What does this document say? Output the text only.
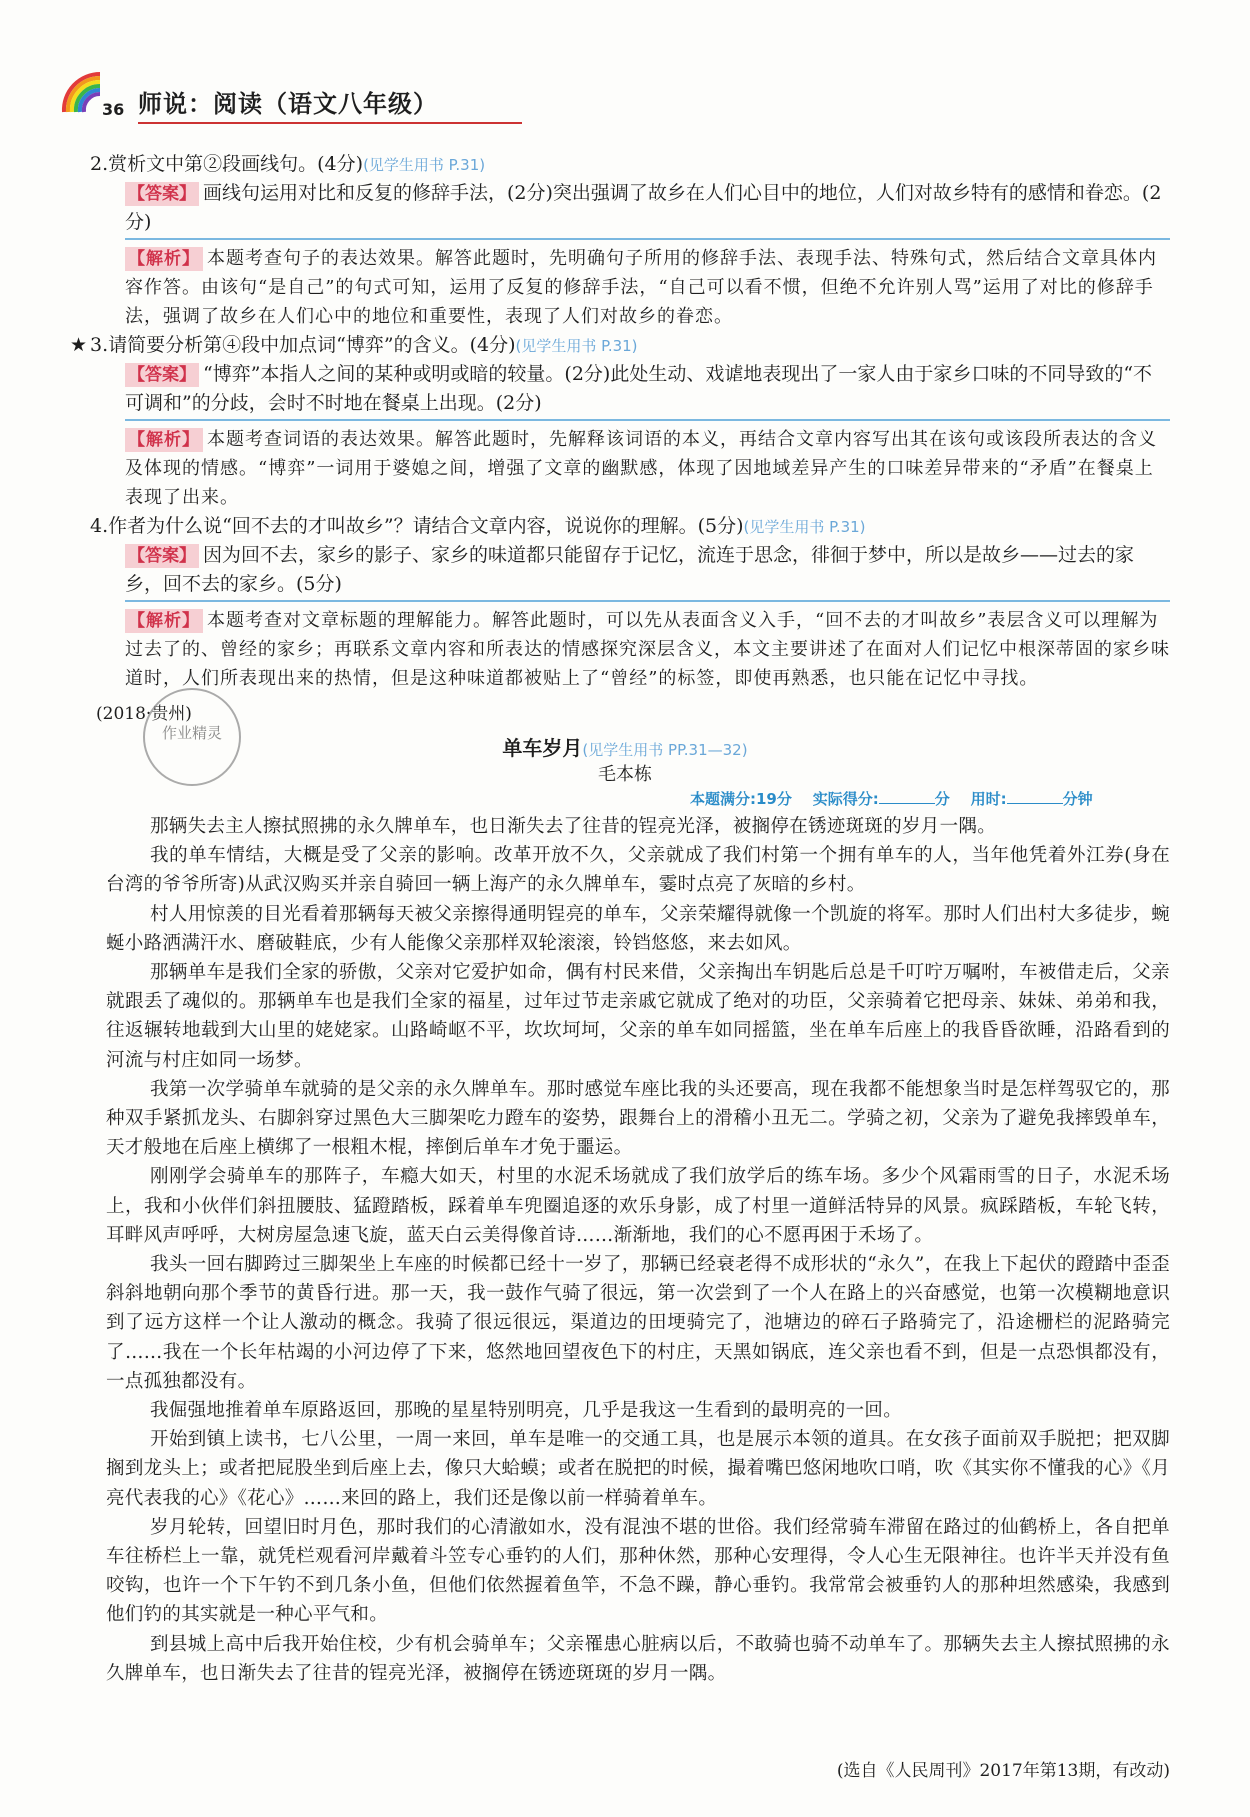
36 师说：阅读（语文八年级）

2.赏析文中第②段画线句。(4分)(见学生用书 P.31)

【答案】 画线句运用对比和反复的修辞手法，(2分)突出强调了故乡在人们心目中的地位，人们对故乡特有的感情和眷恋。(2分)
【解析】 本题考查句子的表达效果。解答此题时，先明确句子所用的修辞手法、表现手法、特殊句式，然后结合文章具体内容作答。由该句“是自己”的句式可知，运用了反复的修辞手法，“自己可以看不惯，但绝不允许别人骂”运用了对比的修辞手法，强调了故乡在人们心中的地位和重要性，表现了人们对故乡的眷恋。

★ 3.请简要分析第④段中加点词“博弈”的含义。(4分)(见学生用书 P.31)

【答案】 “博弈”本指人之间的某种或明或暗的较量。(2分)此处生动、戏谑地表现出了一家人由于家乡口味的不同导致的“不可调和”的分歧，会时不时地在餐桌上出现。(2分)
【解析】 本题考查词语的表达效果。解答此题时，先解释该词语的本义，再结合文章内容写出其在该句或该段所表达的含义及体现的情感。“博弈”一词用于婆媳之间，增强了文章的幽默感，体现了因地域差异产生的口味差异带来的“矛盾”在餐桌上表现了出来。

4.作者为什么说“回不去的才叫故乡”？请结合文章内容，说说你的理解。(5分)(见学生用书 P.31)

【答案】 因为回不去，家乡的影子、家乡的味道都只能留存于记忆，流连于思念，徘徊于梦中，所以是故乡——过去的家乡，回不去的家乡。(5分)
【解析】 本题考查对文章标题的理解能力。解答此题时，可以先从表面含义入手，“回不去的才叫故乡”表层含义可以理解为过去了的、曾经的家乡；再联系文章内容和所表达的情感探究深层含义，本文主要讲述了在面对人们记忆中根深蒂固的家乡味道时，人们所表现出来的热情，但是这种味道都被贴上了“曾经”的标签，即使再熟悉，也只能在记忆中寻找。
(2018·贵州)
作业精灵
单车岁月(见学生用书 PP.31—32)
毛本栋
本题满分:19分 实际得分:	分 用时:	分钟

那辆失去主人擦拭照拂的永久牌单车，也日渐失去了往昔的锃亮光泽，被搁停在锈迹斑斑的岁月一隅。

我的单车情结，大概是受了父亲的影响。改革开放不久，父亲就成了我们村第一个拥有单车的人，当年他凭着外江券(身在台湾的爷爷所寄)从武汉购买并亲自骑回一辆上海产的永久牌单车，霎时点亮了灰暗的乡村。

村人用惊羡的目光看着那辆每天被父亲擦得通明锃亮的单车，父亲荣耀得就像一个凯旋的将军。那时人们出村大多徒步，蜿蜒小路洒满汗水、磨破鞋底，少有人能像父亲那样双轮滚滚，铃铛悠悠，来去如风。

那辆单车是我们全家的骄傲，父亲对它爱护如命，偶有村民来借，父亲掏出车钥匙后总是千叮咛万嘱咐，车被借走后，父亲就跟丢了魂似的。那辆单车也是我们全家的福星，过年过节走亲戚它就成了绝对的功臣，父亲骑着它把母亲、妹妹、弟弟和我，往返辗转地载到大山里的姥姥家。山路崎岖不平，坎坎坷坷，父亲的单车如同摇篮，坐在单车后座上的我昏昏欲睡，沿路看到的河流与村庄如同一场梦。

我第一次学骑单车就骑的是父亲的永久牌单车。那时感觉车座比我的头还要高，现在我都不能想象当时是怎样驾驭它的，那种双手紧抓龙头、右脚斜穿过黑色大三脚架吃力蹬车的姿势，跟舞台上的滑稽小丑无二。学骑之初，父亲为了避免我摔毁单车，天才般地在后座上横绑了一根粗木棍，摔倒后单车才免于噩运。

刚刚学会骑单车的那阵子，车瘾大如天，村里的水泥禾场就成了我们放学后的练车场。多少个风霜雨雪的日子，水泥禾场上，我和小伙伴们斜扭腰肢、猛蹬踏板，踩着单车兜圈追逐的欢乐身影，成了村里一道鲜活特异的风景。疯踩踏板，车轮飞转，耳畔风声呼呼，大树房屋急速飞旋，蓝天白云美得像首诗……渐渐地，我们的心不愿再困于禾场了。

我头一回右脚跨过三脚架坐上车座的时候都已经十一岁了，那辆已经衰老得不成形状的“永久”，在我上下起伏的蹬踏中歪歪斜斜地朝向那个季节的黄昏行进。那一天，我一鼓作气骑了很远，第一次尝到了一个人在路上的兴奋感觉，也第一次模糊地意识到了远方这样一个让人激动的概念。我骑了很远很远，渠道边的田埂骑完了，池塘边的碎石子路骑完了，沿途栅栏的泥路骑完了……我在一个长年枯竭的小河边停了下来，悠然地回望夜色下的村庄，天黑如锅底，连父亲也看不到，但是一点恐惧都没有，一点孤独都没有。

我倔强地推着单车原路返回，那晚的星星特别明亮，几乎是我这一生看到的最明亮的一回。

开始到镇上读书，七八公里，一周一来回，单车是唯一的交通工具，也是展示本领的道具。在女孩子面前双手脱把；把双脚搁到龙头上；或者把屁股坐到后座上去，像只大蛤蟆；或者在脱把的时候，撮着嘴巴悠闲地吹口哨，吹《其实你不懂我的心》《月亮代表我的心》《花心》……来回的路上，我们还是像以前一样骑着单车。

岁月轮转，回望旧时月色，那时我们的心清澈如水，没有混浊不堪的世俗。我们经常骑车滞留在路过的仙鹤桥上，各自把单车往桥栏上一靠，就凭栏观看河岸戴着斗笠专心垂钓的人们，那种休然，那种心安理得，令人心生无限神往。也许半天并没有鱼咬钩，也许一个下午钓不到几条小鱼，但他们依然握着鱼竿，不急不躁，静心垂钓。我常常会被垂钓人的那种坦然感染，我感到他们钓的其实就是一种心平气和。

到县城上高中后我开始住校，少有机会骑单车；父亲罹患心脏病以后，不敢骑也骑不动单车了。那辆失去主人擦拭照拂的永久牌单车，也日渐失去了往昔的锃亮光泽，被搁停在锈迹斑斑的岁月一隅。

(选自《人民周刊》2017年第13期，有改动)
